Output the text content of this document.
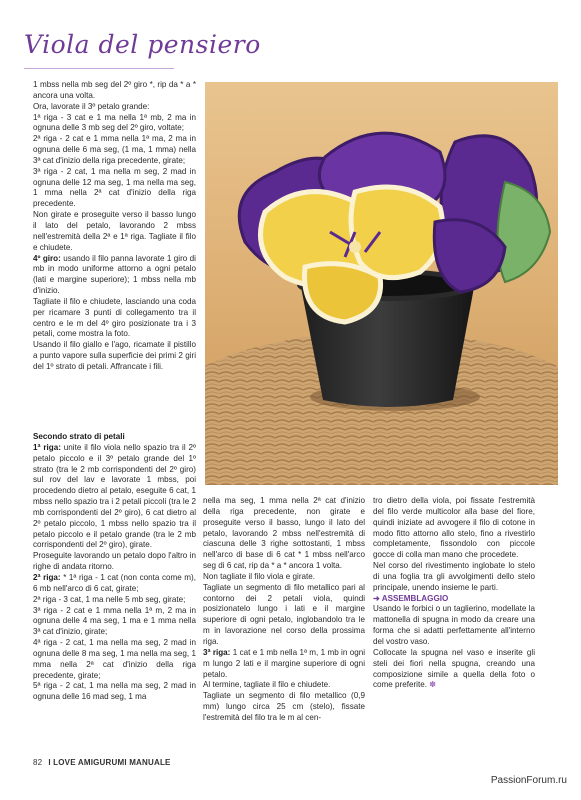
Viola del pensiero

1 mbss nella mb seg del 2º giro *, rip da * a * ancora una volta.

Ora, lavorate il 3º petalo grande:

1ª riga - 3 cat e 1 ma nella 1ª mb, 2 ma in ognuna delle 3 mb seg del 2º giro, voltate;

2ª riga - 2 cat e 1 mma nella 1ª ma, 2 ma in ognuna delle 6 ma seg, (1 ma, 1 mma) nella 3ª cat d'inizio della riga precedente, girate;

3ª riga - 2 cat, 1 ma nella m seg, 2 mad in ognuna delle 12 ma seg, 1 ma nella ma seg, 1 mma nella 2ª cat d'inizio della riga precedente.

Non girate e proseguite verso il basso lungo il lato del petalo, lavorando 2 mbss nell'estremità della 2ª e 1ª riga. Tagliate il filo e chiudete.

4º giro: usando il filo panna lavorate 1 giro di mb in modo uniforme attorno a ogni petalo (lati e margine superiore); 1 mbss nella mb d'inizio.

Tagliate il filo e chiudete, lasciando una coda per ricamare 3 punti di collegamento tra il centro e le m del 4º giro posizionate tra i 3 petali, come mostra la foto.

Usando il filo giallo e l'ago, ricamate il pistillo a punto vapore sulla superficie dei primi 2 giri del 1º strato di petali. Affrancate i fili.

Secondo strato di petali

1ª riga: unite il filo viola nello spazio tra il 2º petalo piccolo e il 3º petalo grande del 1º strato (tra le 2 mb corrispondenti del 2º giro) sul rov del lav e lavorate 1 mbss, poi procedendo dietro al petalo, eseguite 6 cat, 1 mbss nello spazio tra i 2 petali piccoli (tra le 2 mb corrispondenti del 2º giro), 6 cat dietro al 2º petalo piccolo, 1 mbss nello spazio tra il petalo piccolo e il petalo grande (tra le 2 mb corrispondenti del 2º giro), girate.

Proseguite lavorando un petalo dopo l'altro in righe di andata ritorno.

2ª riga: * 1ª riga - 1 cat (non conta come m), 6 mb nell'arco di 6 cat, girate;

2ª riga - 3 cat, 1 ma nelle 5 mb seg, girate;

3ª riga - 2 cat e 1 mma nella 1ª m, 2 ma in ognuna delle 4 ma seg, 1 ma e 1 mma nella 3ª cat d'inizio, girate;

4ª riga - 2 cat, 1 ma nella ma seg, 2 mad in ognuna delle 8 ma seg, 1 ma nella ma seg, 1 mma nella 2ª cat d'inizio della riga precedente, girate;

5ª riga - 2 cat, 1 ma nella ma seg, 2 mad in ognuna delle 16 mad seg, 1 ma

nella ma seg, 1 mma nella 2ª cat d'inizio della riga precedente, non girate e proseguite verso il basso, lungo il lato del petalo, lavorando 2 mbss nell'estremità di ciascuna delle 3 righe sottostanti, 1 mbss nell'arco di base di 6 cat * 1 mbss nell'arco seg di 6 cat, rip da * a * ancora 1 volta.

Non tagliate il filo viola e girate.

Tagliate un segmento di filo metallico pari al contorno dei 2 petali viola, quindi posizionatelo lungo i lati e il margine superiore di ogni petalo, inglobandolo tra le m in lavorazione nel corso della prossima riga.

3ª riga: 1 cat e 1 mb nella 1ª m, 1 mb in ogni m lungo 2 lati e il margine superiore di ogni petalo.

Al termine, tagliate il filo e chiudete.

Tagliate un segmento di filo metallico (0,9 mm) lungo circa 25 cm (stelo), fissate l'estremità del filo tra le m al cen-

tro dietro della viola, poi fissate l'estremità del filo verde multicolor alla base del fiore, quindi iniziate ad avvogere il filo di cotone in modo fitto attorno allo stelo, fino a rivestirlo completamente, fissondolo con piccole gocce di colla man mano che procedete.

Nel corso del rivestimento inglobate lo stelo di una foglia tra gli avvolgimenti dello stelo principale, unendo insieme le parti.

➜ ASSEMBLAGGIO

Usando le forbici o un taglierino, modellate la mattonella di spugna in modo da creare una forma che si adatti perfettamente all'interno del vostro vaso.

Collocate la spugna nel vaso e inserite gli steli dei fiori nella spugna, creando una composizione simile a quella della foto o come preferite. ✽

82 I LOVE AMIGURUMI MANUALE
PassionForum.ru
